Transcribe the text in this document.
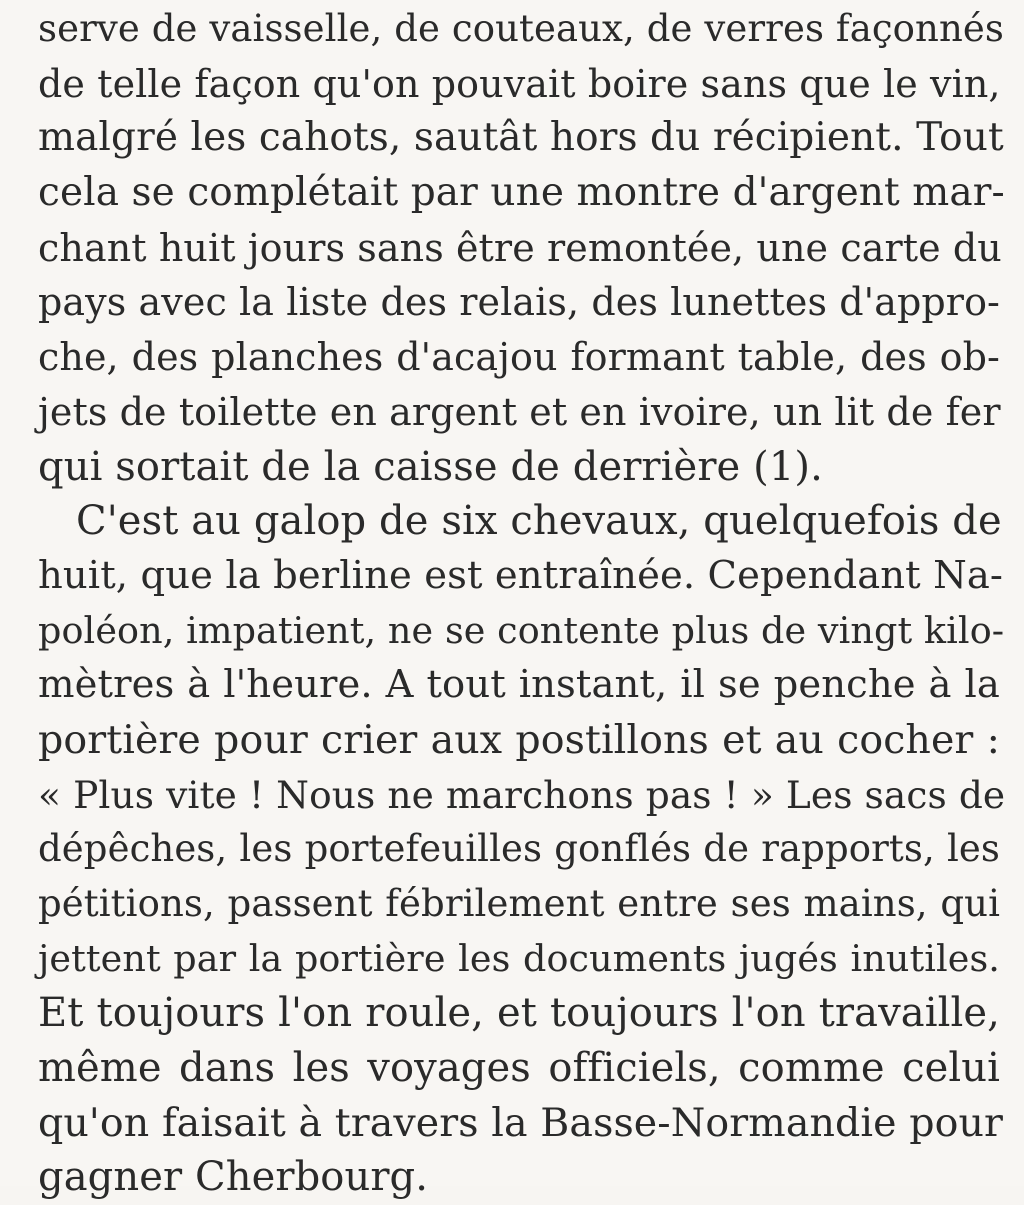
serve de vaisselle, de couteaux, de verres façonnés
de telle façon qu'on pouvait boire sans que le vin,
malgré les cahots, sautât hors du récipient. Tout
cela se complétait par une montre d'argent mar-
chant huit jours sans être remontée, une carte du
pays avec la liste des relais, des lunettes d'appro-
che, des planches d'acajou formant table, des ob-
jets de toilette en argent et en ivoire, un lit de fer
qui sortait de la caisse de derrière (1).
C'est au galop de six chevaux, quelquefois de
huit, que la berline est entraînée. Cependant Na-
poléon, impatient, ne se contente plus de vingt kilo-
mètres à l'heure. A tout instant, il se penche à la
portière pour crier aux postillons et au cocher :
« Plus vite ! Nous ne marchons pas ! » Les sacs de
dépêches, les portefeuilles gonflés de rapports, les
pétitions, passent fébrilement entre ses mains, qui
jettent par la portière les documents jugés inutiles.
Et toujours l'on roule, et toujours l'on travaille,
même dans les voyages officiels, comme celui
qu'on faisait à travers la Basse-Normandie pour
gagner Cherbourg.
